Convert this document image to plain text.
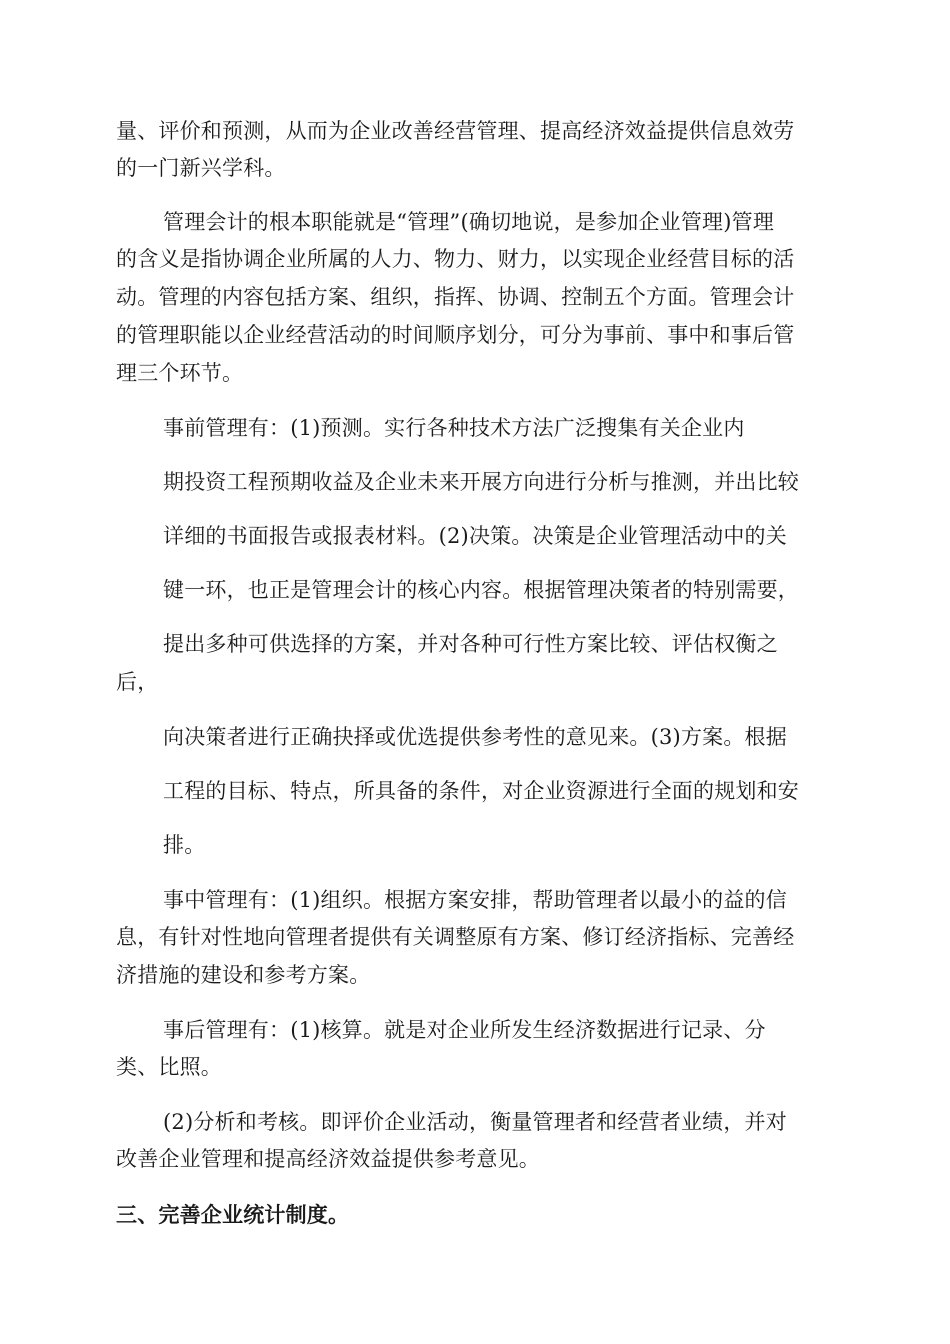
量、评价和预测，从而为企业改善经营管理、提高经济效益提供信息效劳
的一门新兴学科。
管理会计的根本职能就是“管理”(确切地说，是参加企业管理)管理
的含义是指协调企业所属的人力、物力、财力，以实现企业经营目标的活
动。管理的内容包括方案、组织，指挥、协调、控制五个方面。管理会计
的管理职能以企业经营活动的时间顺序划分，可分为事前、事中和事后管
理三个环节。
事前管理有：(1)预测。实行各种技术方法广泛搜集有关企业内
期投资工程预期收益及企业未来开展方向进行分析与推测，并出比较
详细的书面报告或报表材料。(2)决策。决策是企业管理活动中的关
键一环，也正是管理会计的核心内容。根据管理决策者的特别需要，
提出多种可供选择的方案，并对各种可行性方案比较、评估权衡之
后，
向决策者进行正确抉择或优选提供参考性的意见来。(3)方案。根据
工程的目标、特点，所具备的条件，对企业资源进行全面的规划和安
排。
事中管理有：(1)组织。根据方案安排，帮助管理者以最小的益的信
息，有针对性地向管理者提供有关调整原有方案、修订经济指标、完善经
济措施的建设和参考方案。
事后管理有：(1)核算。就是对企业所发生经济数据进行记录、分
类、比照。
(2)分析和考核。即评价企业活动，衡量管理者和经营者业绩，并对
改善企业管理和提高经济效益提供参考意见。
三、完善企业统计制度。
